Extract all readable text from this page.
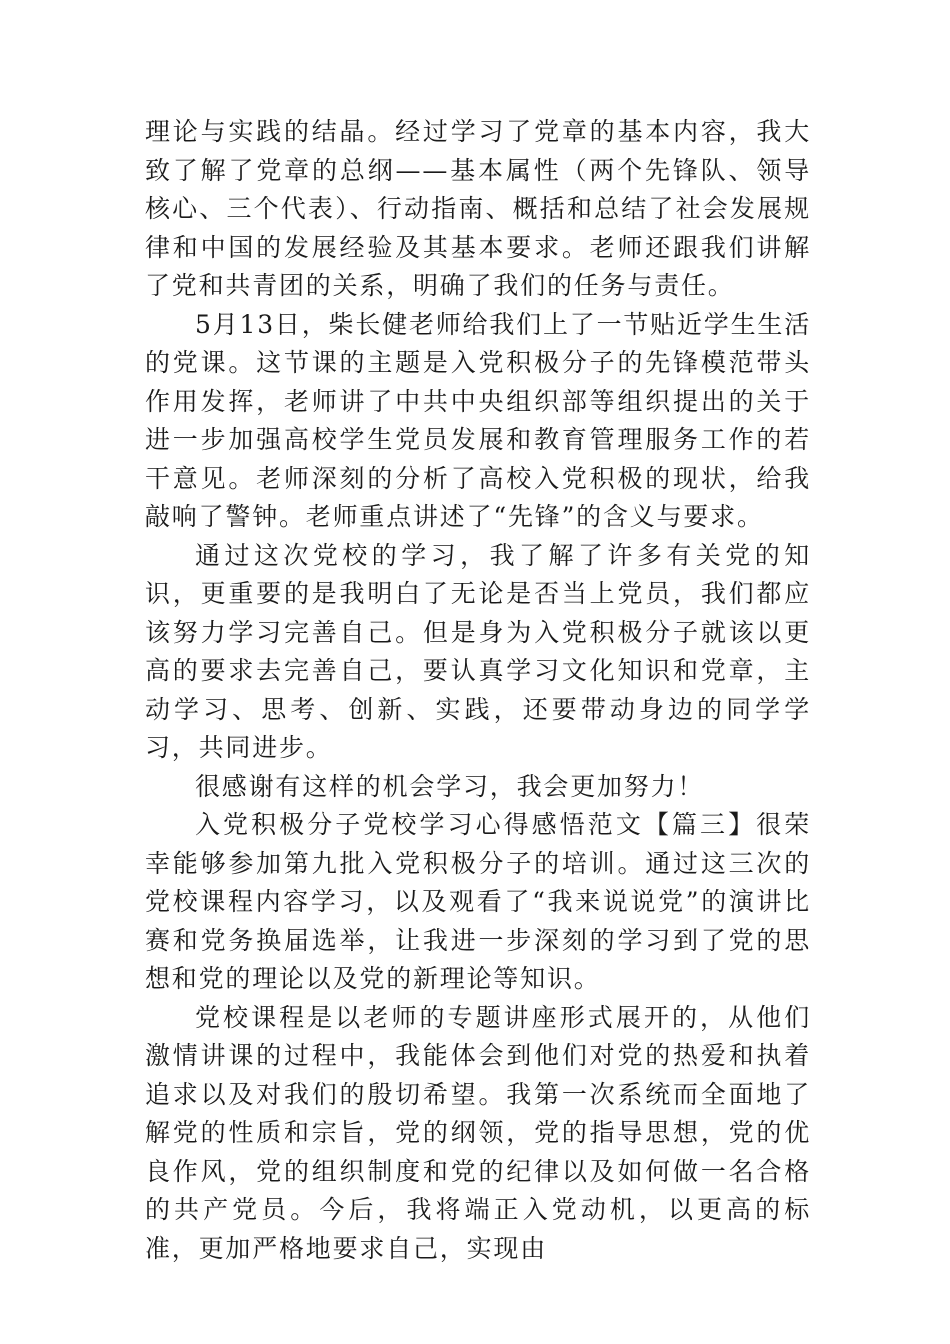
理论与实践的结晶。经过学习了党章的基本内容，我大致了解了党章的总纲——基本属性（两个先锋队、领导核心、三个代表）、行动指南、概括和总结了社会发展规律和中国的发展经验及其基本要求。老师还跟我们讲解了党和共青团的关系，明确了我们的任务与责任。

5月13日，柴长健老师给我们上了一节贴近学生生活的党课。这节课的主题是入党积极分子的先锋模范带头作用发挥，老师讲了中共中央组织部等组织提出的关于进一步加强高校学生党员发展和教育管理服务工作的若干意见。老师深刻的分析了高校入党积极的现状，给我敲响了警钟。老师重点讲述了“先锋”的含义与要求。

通过这次党校的学习，我了解了许多有关党的知识，更重要的是我明白了无论是否当上党员，我们都应该努力学习完善自己。但是身为入党积极分子就该以更高的要求去完善自己，要认真学习文化知识和党章，主动学习、思考、创新、实践，还要带动身边的同学学习，共同进步。

很感谢有这样的机会学习，我会更加努力！

入党积极分子党校学习心得感悟范文【篇三】很荣幸能够参加第九批入党积极分子的培训。通过这三次的党校课程内容学习，以及观看了“我来说说党”的演讲比赛和党务换届选举，让我进一步深刻的学习到了党的思想和党的理论以及党的新理论等知识。

党校课程是以老师的专题讲座形式展开的，从他们激情讲课的过程中，我能体会到他们对党的热爱和执着追求以及对我们的殷切希望。我第一次系统而全面地了解党的性质和宗旨，党的纲领，党的指导思想，党的优良作风，党的组织制度和党的纪律以及如何做一名合格的共产党员。今后，我将端正入党动机，以更高的标准，更加严格地要求自己，实现由
